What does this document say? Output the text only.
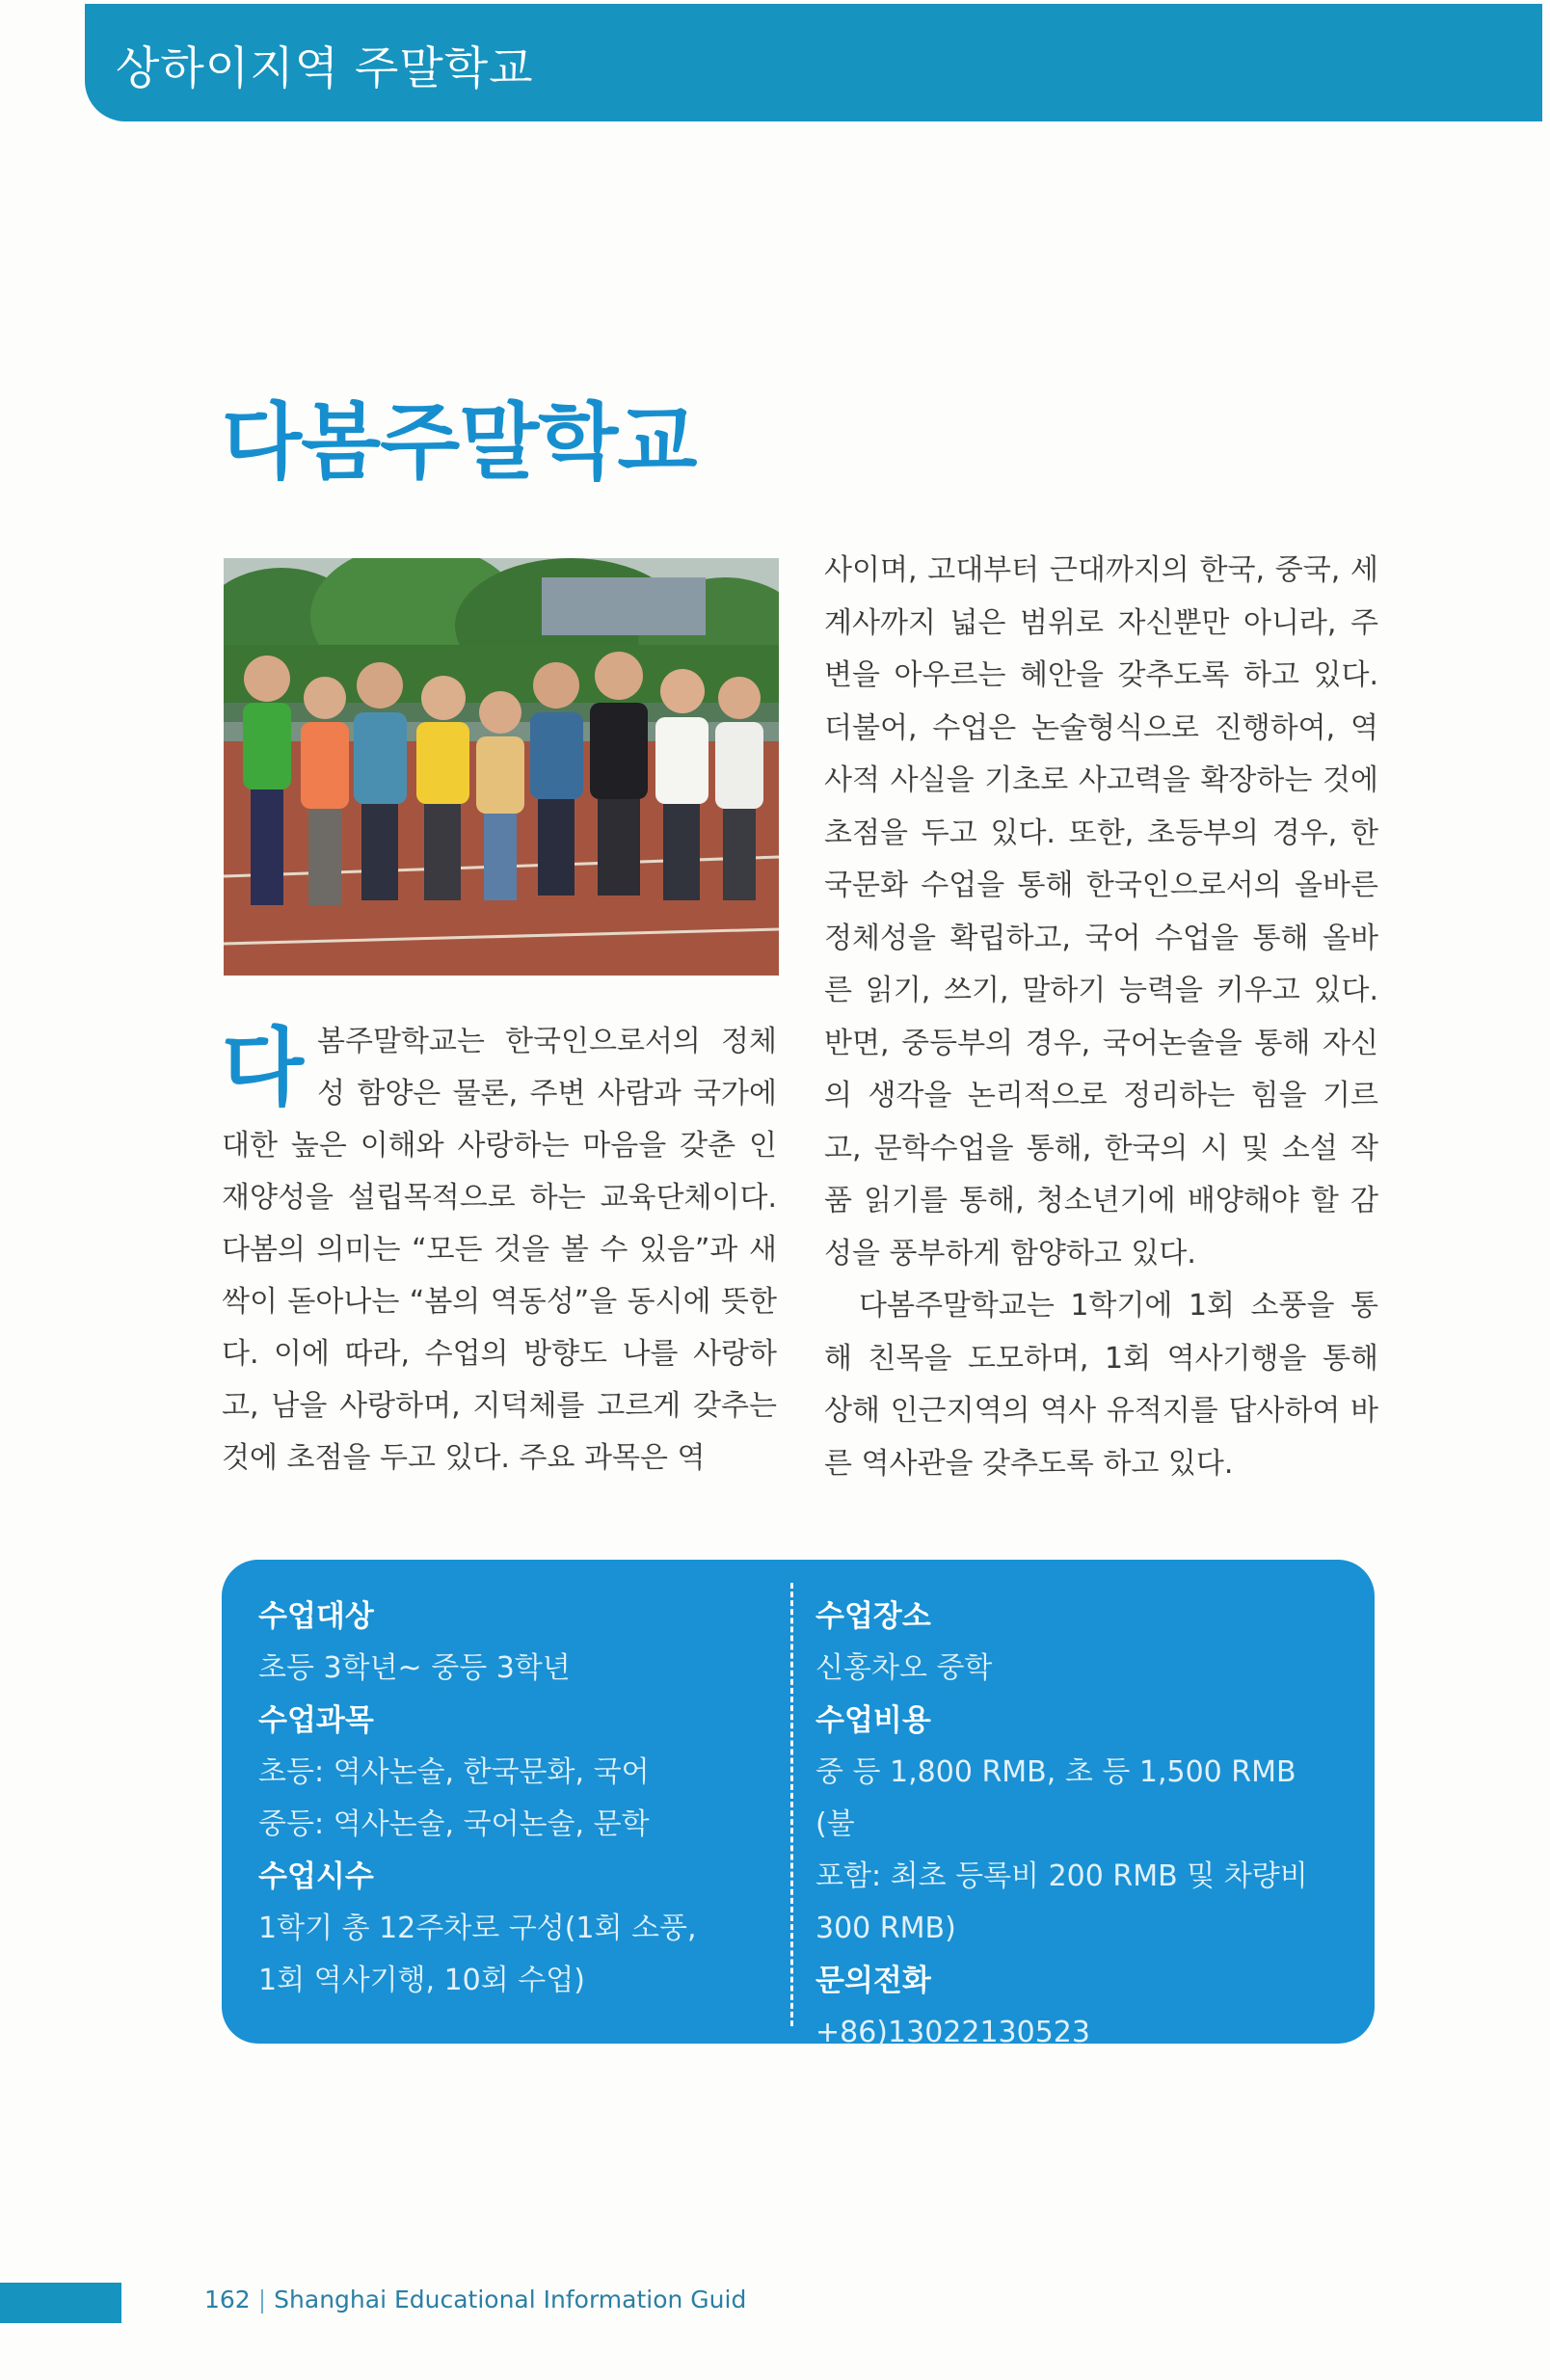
상하이지역 주말학교
다봄주말학교

다 봄주말학교는 한국인으로서의 정체성 함양은 물론, 주변 사람과 국가에 대한 높은 이해와 사랑하는 마음을 갖춘 인재양성을 설립목적으로 하는 교육단체이다. 다봄의 의미는 “모든 것을 볼 수 있음”과 새싹이 돋아나는 “봄의 역동성”을 동시에 뜻한다. 이에 따라, 수업의 방향도 나를 사랑하고, 남을 사랑하며, 지덕체를 고르게 갖추는 것에 초점을 두고 있다. 주요 과목은 역

사이며, 고대부터 근대까지의 한국, 중국, 세계사까지 넓은 범위로 자신뿐만 아니라, 주변을 아우르는 혜안을 갖추도록 하고 있다. 더불어, 수업은 논술형식으로 진행하여, 역사적 사실을 기초로 사고력을 확장하는 것에 초점을 두고 있다. 또한, 초등부의 경우, 한국문화 수업을 통해 한국인으로서의 올바른 정체성을 확립하고, 국어 수업을 통해 올바른 읽기, 쓰기, 말하기 능력을 키우고 있다. 반면, 중등부의 경우, 국어논술을 통해 자신의 생각을 논리적으로 정리하는 힘을 기르고, 문학수업을 통해, 한국의 시 및 소설 작품 읽기를 통해, 청소년기에 배양해야 할 감성을 풍부하게 함양하고 있다.

다봄주말학교는 1학기에 1회 소풍을 통해 친목을 도모하며, 1회 역사기행을 통해 상해 인근지역의 역사 유적지를 답사하여 바른 역사관을 갖추도록 하고 있다.

수업대상
초등 3학년~ 중등 3학년
수업과목
초등: 역사논술, 한국문화, 국어
중등: 역사논술, 국어논술, 문학
수업시수
1학기 총 12주차로 구성(1회 소풍,
1회 역사기행, 10회 수업)
수업장소
신홍차오 중학
수업비용
중 등 1,800 RMB, 초 등 1,500 RMB (불
포함: 최초 등록비 200 RMB 및 차량비
300 RMB)
문의전화
+86)13022130523
162 | Shanghai Educational Information Guid
